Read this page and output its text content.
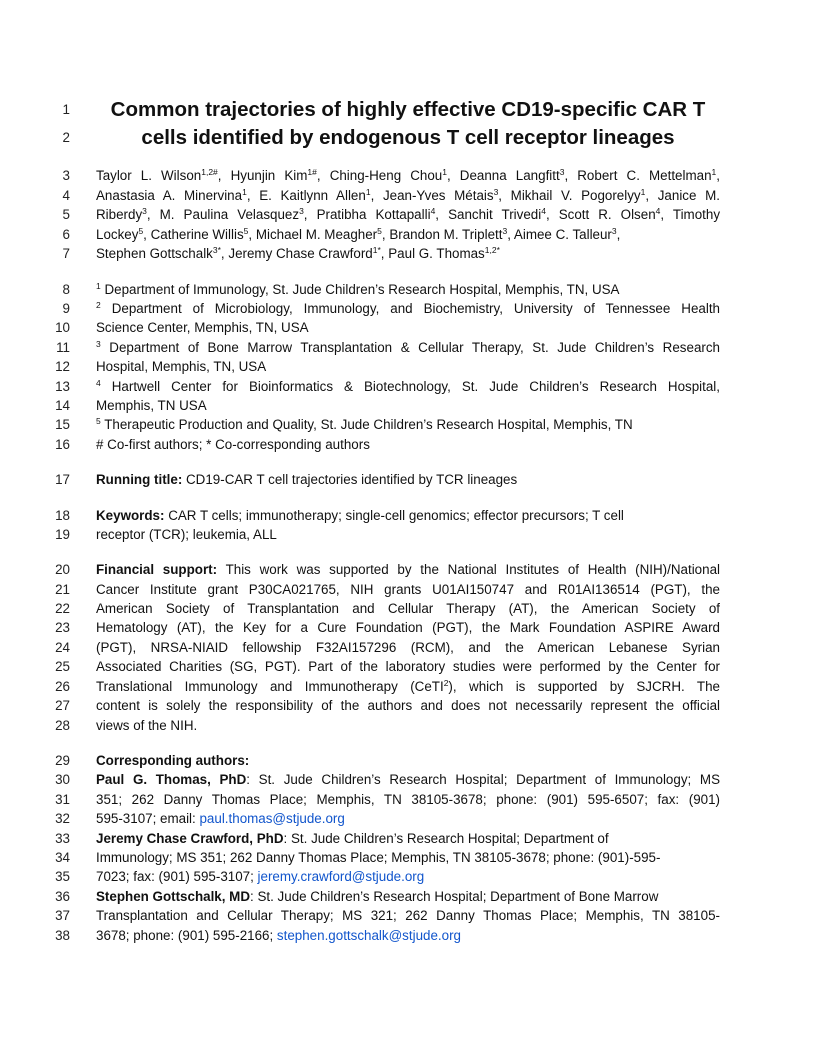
1	Common trajectories of highly effective CD19-specific CAR T
2	cells identified by endogenous T cell receptor lineages
3 Taylor L. Wilson$^{1,2\#}$, Hyunjin Kim$^{1\#}$, Ching-Heng Chou$^1$, Deanna Langfitt$^3$, Robert C. Mettelman$^1$,
4 Anastasia A. Minervina$^1$, E. Kaitlynn Allen$^1$, Jean-Yves Métais$^3$, Mikhail V. Pogorelyy$^1$, Janice M.
5 Riberdy$^3$, M. Paulina Velasquez$^3$, Pratibha Kottapalli$^4$, Sanchit Trivedi$^4$, Scott R. Olsen$^4$, Timothy
6 Lockey$^5$, Catherine Willis$^5$, Michael M. Meagher$^5$, Brandon M. Triplett$^3$, Aimee C. Talleur$^3$,
7 Stephen Gottschalk$^{3*}$, Jeremy Chase Crawford$^{1*}$, Paul G. Thomas$^{1,2*}$
8	$^1$ Department of Immunology, St. Jude Children’s Research Hospital, Memphis, TN, USA
9	$^2$ Department of Microbiology, Immunology, and Biochemistry, University of Tennessee Health
10 Science Center, Memphis, TN, USA
11	$^3$ Department of Bone Marrow Transplantation & Cellular Therapy, St. Jude Children’s Research
12 Hospital, Memphis, TN, USA
13	$^4$ Hartwell Center for Bioinformatics & Biotechnology, St. Jude Children’s Research Hospital,
14 Memphis, TN USA
15	$^5$ Therapeutic Production and Quality, St. Jude Children’s Research Hospital, Memphis, TN
16 # Co-first authors; * Co-corresponding authors
17 Running title: CD19-CAR T cell trajectories identified by TCR lineages
18 Keywords: CAR T cells; immunotherapy; single-cell genomics; effector precursors; T cell
19 receptor (TCR); leukemia, ALL
20 Financial support: This work was supported by the National Institutes of Health (NIH)/National
21 Cancer Institute grant P30CA021765, NIH grants U01AI150747 and R01AI136514 (PGT), the
22 American Society of Transplantation and Cellular Therapy (AT), the American Society of
23 Hematology (AT), the Key for a Cure Foundation (PGT), the Mark Foundation ASPIRE Award
24 (PGT), NRSA-NIAID fellowship F32AI157296 (RCM), and the American Lebanese Syrian
25 Associated Charities (SG, PGT). Part of the laboratory studies were performed by the Center for
26 Translational Immunology and Immunotherapy (CeTI$^2$), which is supported by SJCRH. The
27 content is solely the responsibility of the authors and does not necessarily represent the official
28 views of the NIH.
29 Corresponding authors:
30 Paul G. Thomas, PhD: St. Jude Children’s Research Hospital; Department of Immunology; MS
31 351; 262 Danny Thomas Place; Memphis, TN 38105-3678; phone: (901) 595-6507; fax: (901)
32 595-3107; email: paul.thomas@stjude.org
33 Jeremy Chase Crawford, PhD: St. Jude Children’s Research Hospital; Department of
34 Immunology; MS 351; 262 Danny Thomas Place; Memphis, TN 38105-3678; phone: (901)-595-
35 7023; fax: (901) 595-3107; jeremy.crawford@stjude.org
36 Stephen Gottschalk, MD: St. Jude Children’s Research Hospital; Department of Bone Marrow
37 Transplantation and Cellular Therapy; MS 321; 262 Danny Thomas Place; Memphis, TN 38105-
38 3678; phone: (901) 595-2166; stephen.gottschalk@stjude.org
